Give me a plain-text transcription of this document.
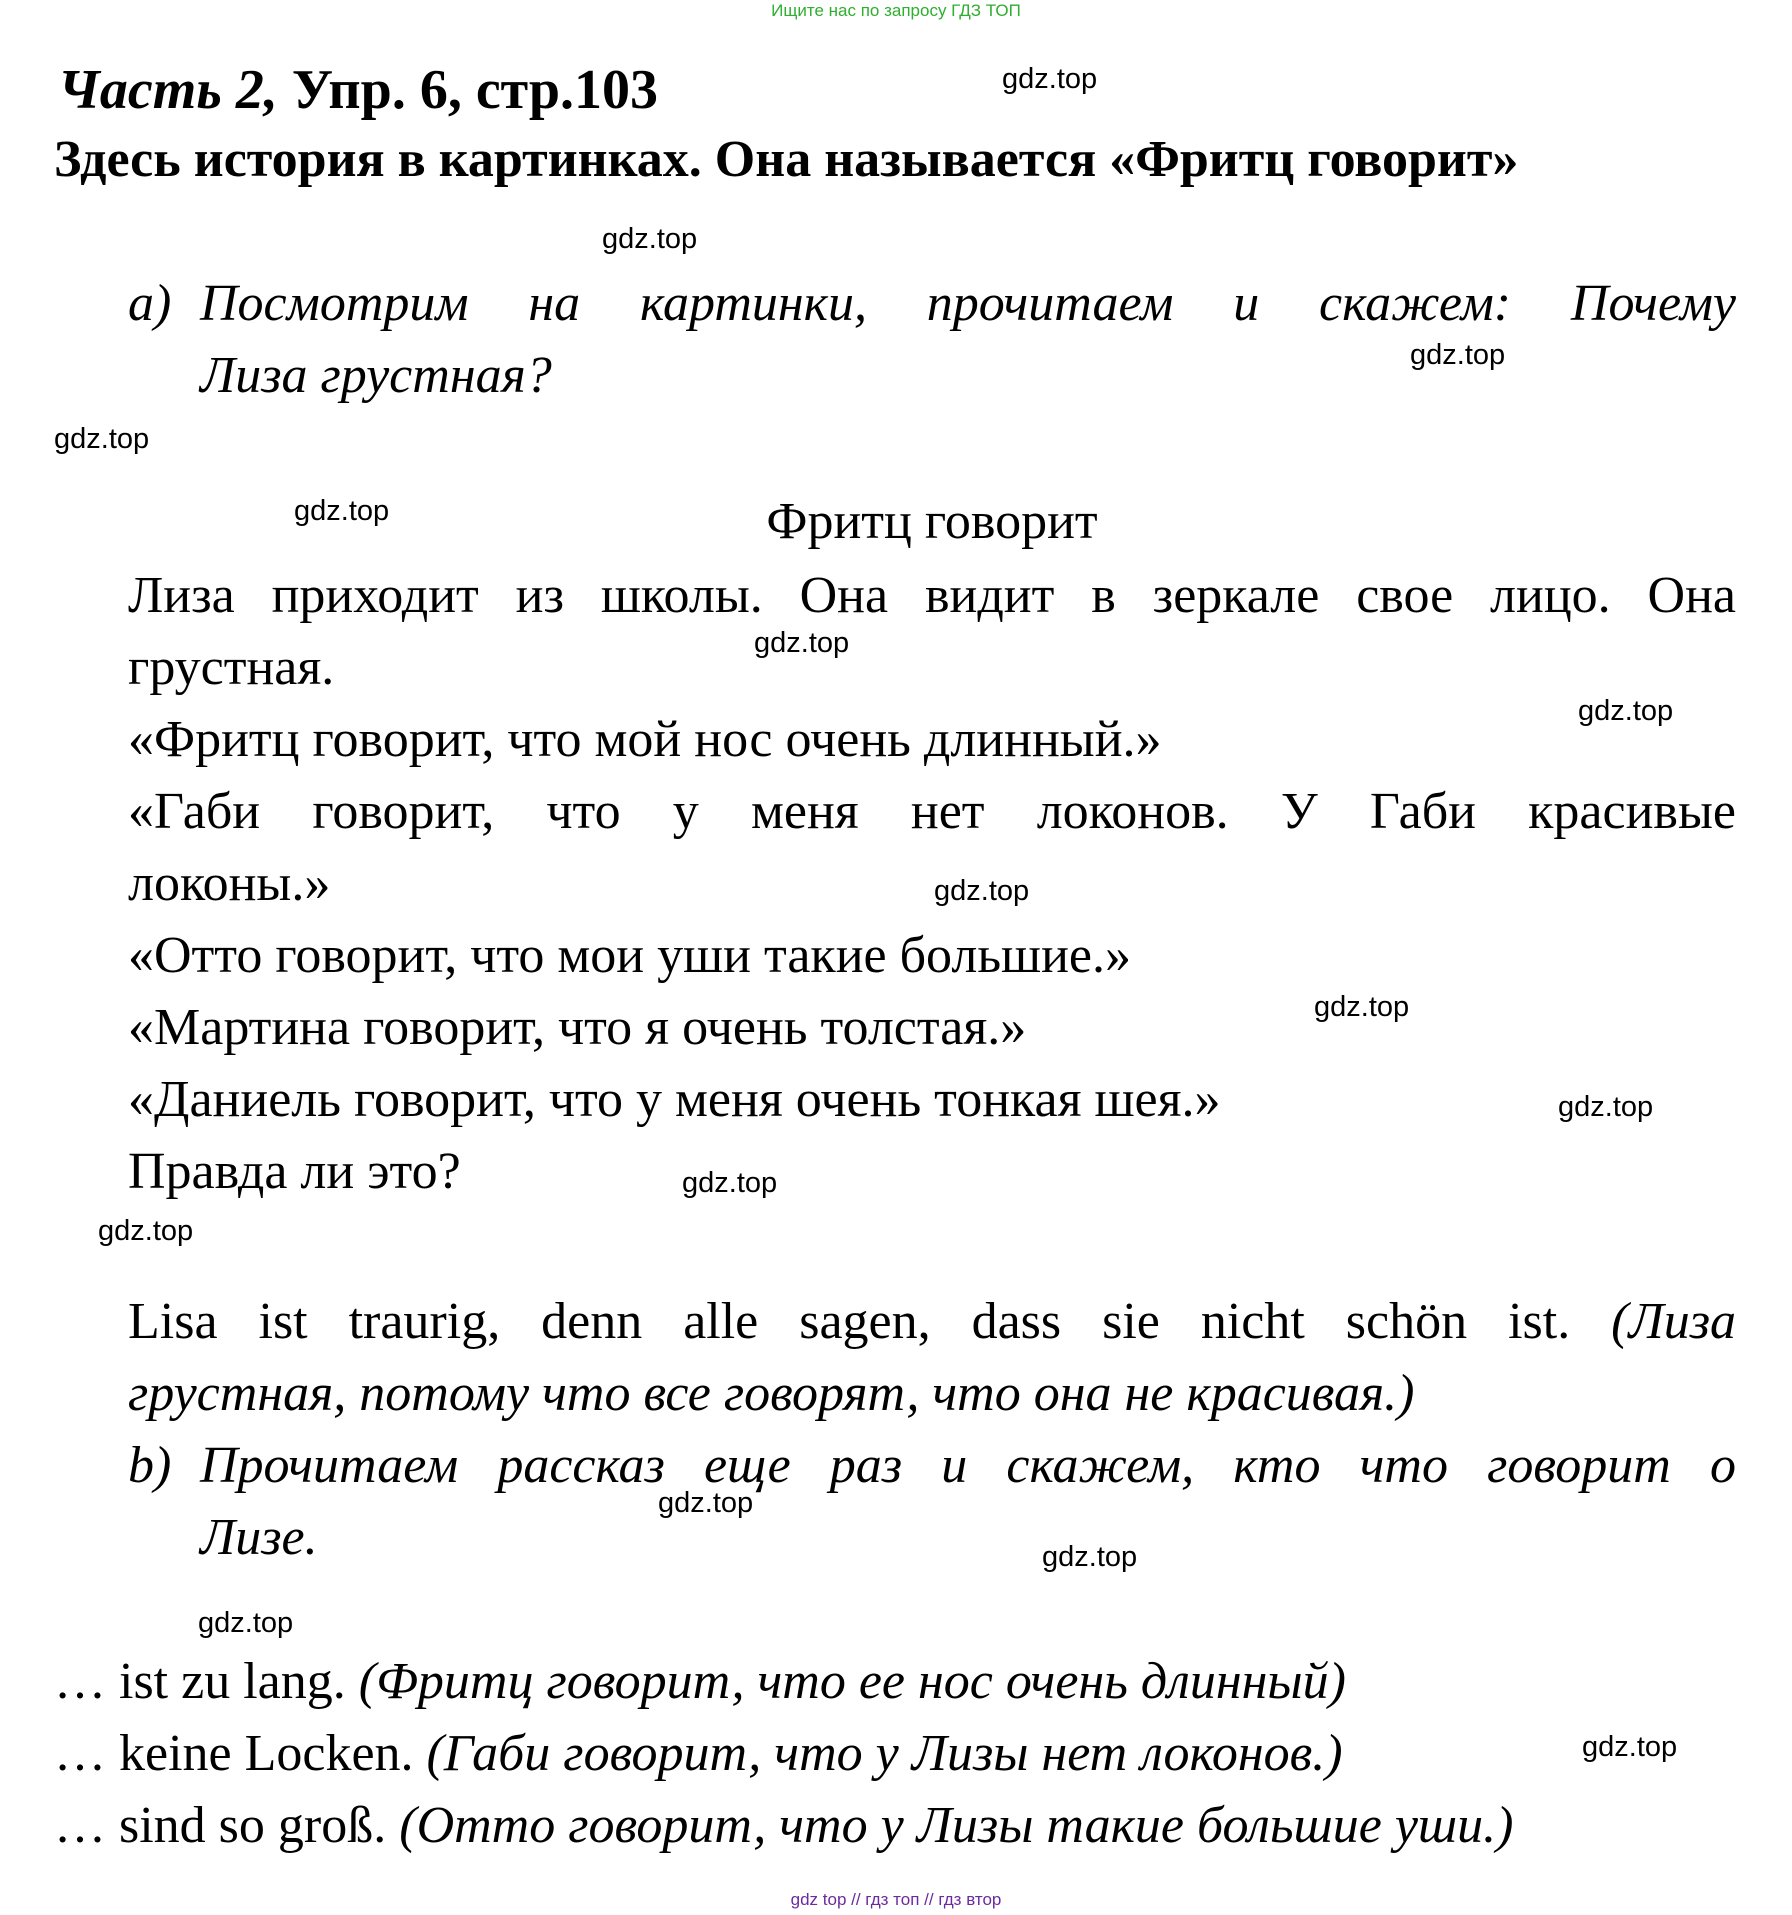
Ищите нас по запросу ГДЗ ТОП
Часть 2, Упр. 6, стр.103
Здесь история в картинках. Она называется «Фритц говорит»
a) Посмотрим на картинки, прочитаем и скажем: Почему
Лиза грустная?
Фритц говорит
Лиза приходит из школы. Она видит в зеркале свое лицо. Она
грустная.
«Фритц говорит, что мой нос очень длинный.»
«Габи говорит, что у меня нет локонов. У Габи красивые
локоны.»
«Отто говорит, что мои уши такие большие.»
«Мартина говорит, что я очень толстая.»
«Даниель говорит, что у меня очень тонкая шея.»
Правда ли это?
Lisa ist traurig, denn alle sagen, dass sie nicht schön ist. (Лиза
грустная, потому что все говорят, что она не красивая.)
b) Прочитаем рассказ еще раз и скажем, кто что говорит о
Лизе.
… ist zu lang. (Фритц говорит, что ее нос очень длинный)
… keine Locken. (Габи говорит, что у Лизы нет локонов.)
… sind so groß. (Отто говорит, что у Лизы такие большие уши.)
gdz.top
gdz.top
gdz.top
gdz.top
gdz.top
gdz.top
gdz.top
gdz.top
gdz.top
gdz.top
gdz.top
gdz.top
gdz.top
gdz.top
gdz.top
gdz.top
gdz top // гдз топ // гдз втор
